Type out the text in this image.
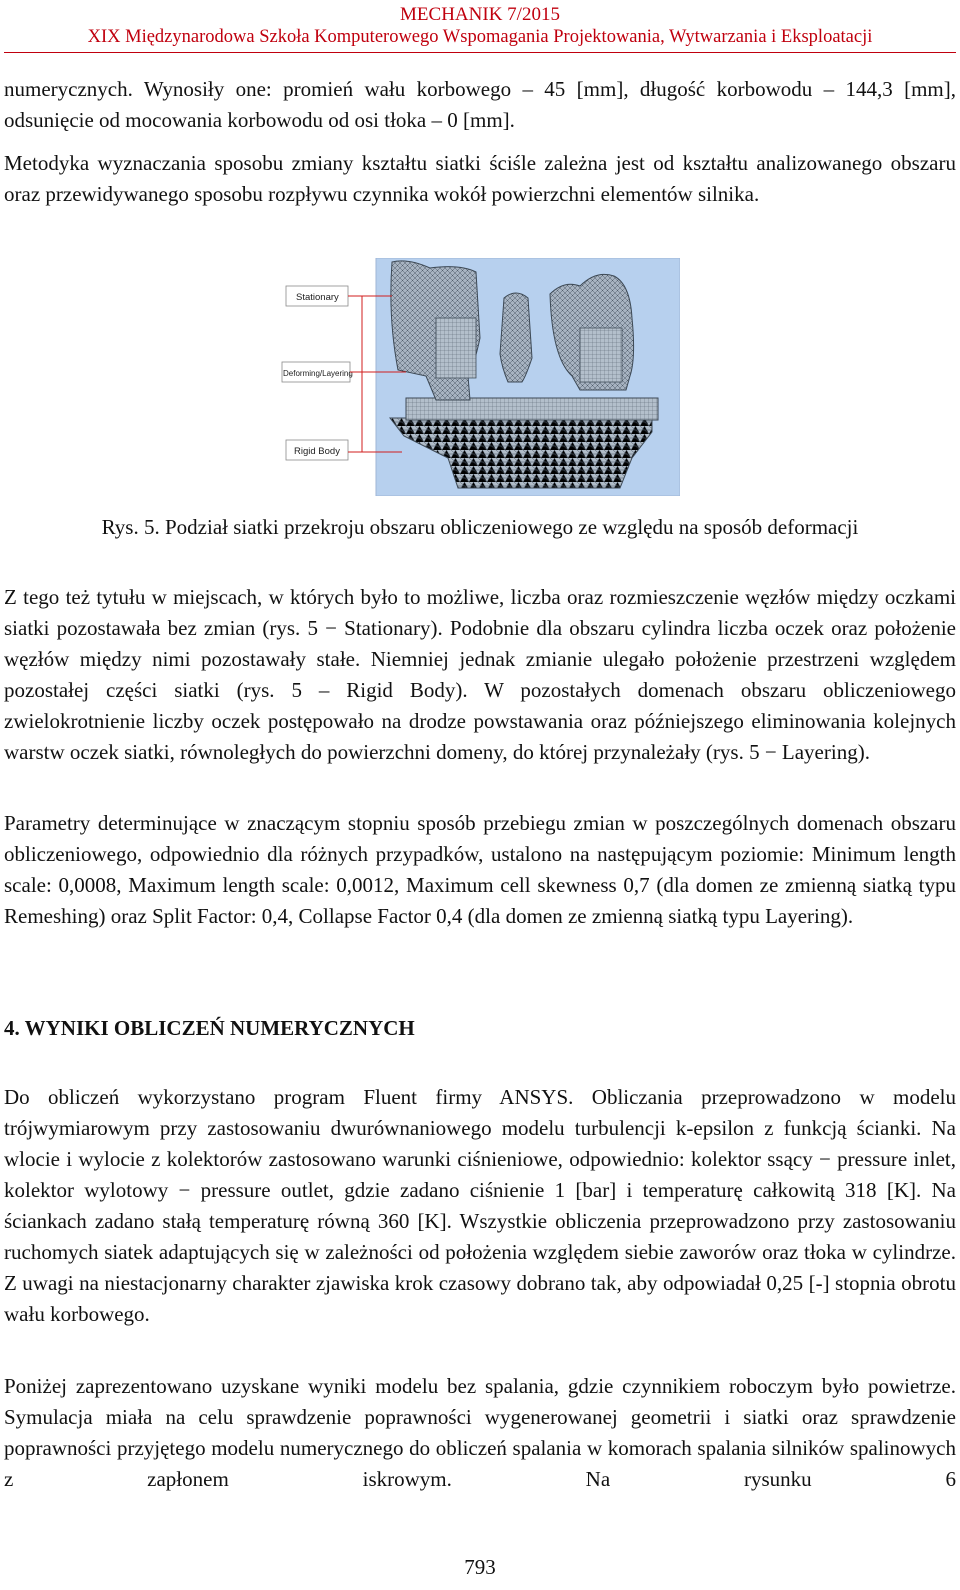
MECHANIK 7/2015
XIX Międzynarodowa Szkoła Komputerowego Wspomagania Projektowania, Wytwarzania i Eksploatacji
numerycznych. Wynosiły one: promień wału korbowego – 45 [mm], długość korbowodu – 144,3 [mm], odsunięcie od mocowania korbowodu od osi tłoka – 0 [mm].
Metodyka wyznaczania sposobu zmiany kształtu siatki ściśle zależna jest od kształtu analizowanego obszaru oraz przewidywanego sposobu rozpływu czynnika wokół powierzchni elementów silnika.
Stationary
Deforming/Layering
Rigid Body
Rys. 5. Podział siatki przekroju obszaru obliczeniowego ze względu na sposób deformacji
Z tego też tytułu w miejscach, w których było to możliwe, liczba oraz rozmieszczenie węzłów między oczkami siatki pozostawała bez zmian (rys. 5 − Stationary). Podobnie dla obszaru cylindra liczba oczek oraz położenie węzłów między nimi pozostawały stałe. Niemniej jednak zmianie ulegało położenie przestrzeni względem pozostałej części siatki (rys. 5 – Rigid Body). W pozostałych domenach obszaru obliczeniowego zwielokrotnienie liczby oczek postępowało na drodze powstawania oraz późniejszego eliminowania kolejnych warstw oczek siatki, równoległych do powierzchni domeny, do której przynależały (rys. 5 − Layering).
Parametry determinujące w znaczącym stopniu sposób przebiegu zmian w poszczególnych domenach obszaru obliczeniowego, odpowiednio dla różnych przypadków, ustalono na następującym poziomie: Minimum length scale: 0,0008, Maximum length scale: 0,0012, Maximum cell skewness 0,7 (dla domen ze zmienną siatką typu Remeshing) oraz Split Factor: 0,4, Collapse Factor 0,4 (dla domen ze zmienną siatką typu Layering).
4. WYNIKI OBLICZEŃ NUMERYCZNYCH
Do obliczeń wykorzystano program Fluent firmy ANSYS. Obliczania przeprowadzono w modelu trójwymiarowym przy zastosowaniu dwurównaniowego modelu turbulencji k-epsilon z funkcją ścianki. Na wlocie i wylocie z kolektorów zastosowano warunki ciśnieniowe, odpowiednio: kolektor ssący − pressure inlet, kolektor wylotowy − pressure outlet, gdzie zadano ciśnienie 1 [bar] i temperaturę całkowitą 318 [K]. Na ściankach zadano stałą temperaturę równą 360 [K]. Wszystkie obliczenia przeprowadzono przy zastosowaniu ruchomych siatek adaptujących się w zależności od położenia względem siebie zaworów oraz tłoka w cylindrze. Z uwagi na niestacjonarny charakter zjawiska krok czasowy dobrano tak, aby odpowiadał 0,25 [-] stopnia obrotu wału korbowego.
Poniżej zaprezentowano uzyskane wyniki modelu bez spalania, gdzie czynnikiem roboczym było powietrze. Symulacja miała na celu sprawdzenie poprawności wygenerowanej geometrii i siatki oraz sprawdzenie poprawności przyjętego modelu numerycznego do obliczeń spalania w komorach spalania silników spalinowych z zapłonem iskrowym. Na rysunku 6
793
